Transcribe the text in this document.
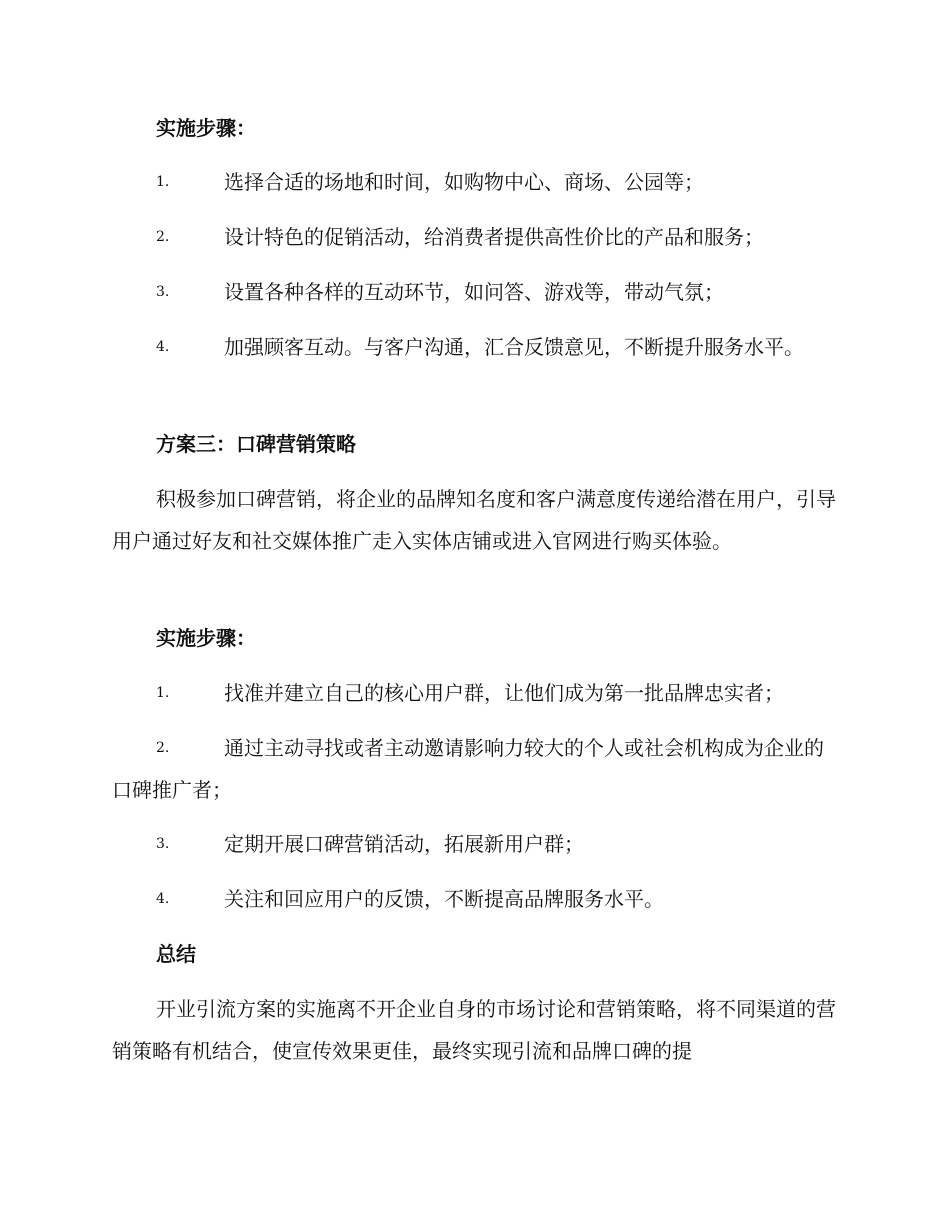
实施步骤：
1.	选择合适的场地和时间，如购物中心、商场、公园等；
2.	设计特色的促销活动，给消费者提供高性价比的产品和服务；
3.	设置各种各样的互动环节，如问答、游戏等，带动气氛；
4.	加强顾客互动。与客户沟通，汇合反馈意见，不断提升服务水平。
方案三：口碑营销策略
积极参加口碑营销，将企业的品牌知名度和客户满意度传递给潜在用户，引导用户通过好友和社交媒体推广走入实体店铺或进入官网进行购买体验。
实施步骤：
1.	找准并建立自己的核心用户群，让他们成为第一批品牌忠实者；
2.	通过主动寻找或者主动邀请影响力较大的个人或社会机构成为企业的口碑推广者；
3.	定期开展口碑营销活动，拓展新用户群；
4.	关注和回应用户的反馈，不断提高品牌服务水平。
总结
开业引流方案的实施离不开企业自身的市场讨论和营销策略，将不同渠道的营销策略有机结合，使宣传效果更佳，最终实现引流和品牌口碑的提
